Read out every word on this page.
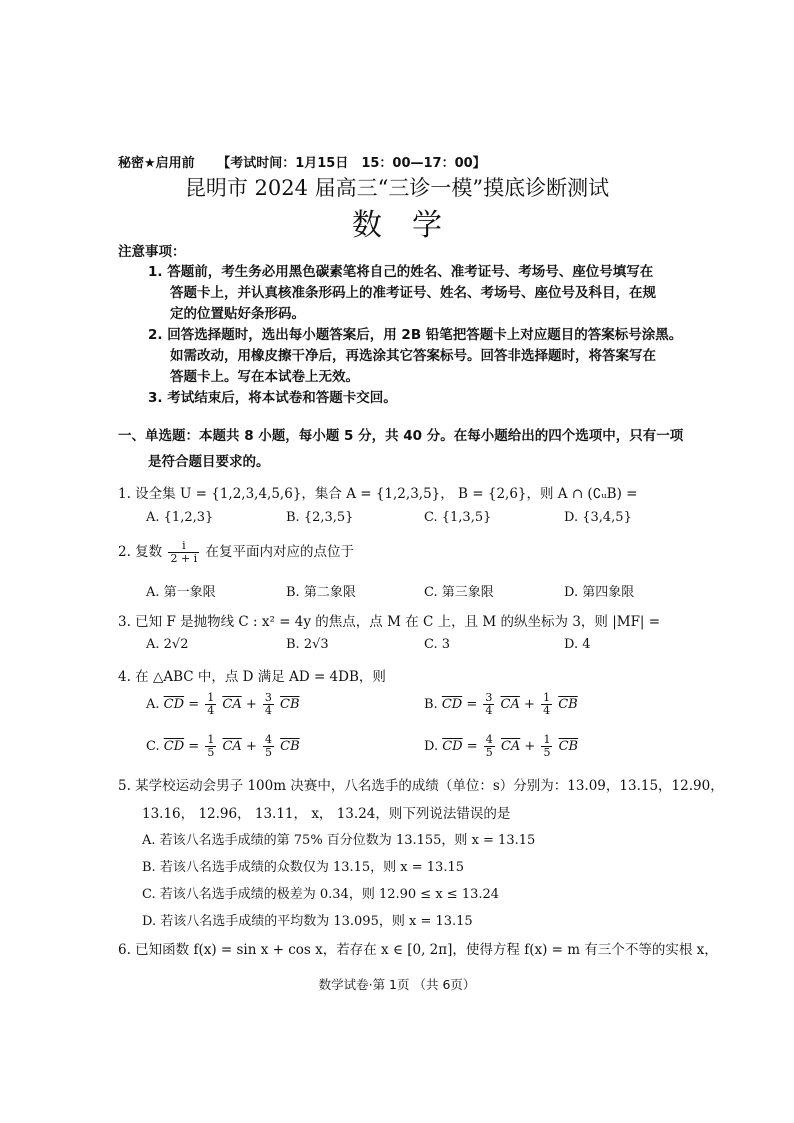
秘密★启用前 【考试时间：1月15日　15：00—17：00】
昆明市 2024 届高三“三诊一模”摸底诊断测试
数学
注意事项：
1. 答题前，考生务必用黑色碳素笔将自己的姓名、准考证号、考场号、座位号填写在
答题卡上，并认真核准条形码上的准考证号、姓名、考场号、座位号及科目，在规
定的位置贴好条形码。
2. 回答选择题时，选出每小题答案后，用 2B 铅笔把答题卡上对应题目的答案标号涂黑。
如需改动，用橡皮擦干净后，再选涂其它答案标号。回答非选择题时，将答案写在
答题卡上。写在本试卷上无效。
3. 考试结束后，将本试卷和答题卡交回。
一、单选题：本题共 8 小题，每小题 5 分，共 40 分。在每小题给出的四个选项中，只有一项
是符合题目要求的。
1. 设全集 U = {1,2,3,4,5,6}，集合 A = {1,2,3,5}， B = {2,6}，则 A ∩ (∁ᵤB) =
A. {1,2,3}	B. {2,3,5}	C. {1,3,5}	D. {3,4,5}
2. 复数 $\frac{i}{2 + i}$ 在复平面内对应的点位于
A. 第一象限	B. 第二象限	C. 第三象限	D. 第四象限
3. 已知 F 是抛物线 C : x² = 4y 的焦点，点 M 在 C 上，且 M 的纵坐标为 3，则 |MF| =
A. 2√2	B. 2√3	C. 3	D. 4
4. 在 △ABC 中，点 D 满足 AD = 4DB，则
A. $\overline{CD} = \frac{1}{4} \overline{CA} + \frac{3}{4} \overline{CB}$	B. $\overline{CD} = \frac{3}{4} \overline{CA} + \frac{1}{4} \overline{CB}$
C. $\overline{CD} = \frac{1}{5} \overline{CA} + \frac{4}{5} \overline{CB}$	D. $\overline{CD} = \frac{4}{5} \overline{CA} + \frac{1}{5} \overline{CB}$
5. 某学校运动会男子 100m 决赛中，八名选手的成绩（单位：s）分别为：13.09，13.15，12.90，
13.16， 12.96， 13.11， x， 13.24，则下列说法错误的是
A. 若该八名选手成绩的第 75% 百分位数为 13.155，则 x = 13.15
B. 若该八名选手成绩的众数仅为 13.15，则 x = 13.15
C. 若该八名选手成绩的极差为 0.34，则 12.90 ≤ x ≤ 13.24
D. 若该八名选手成绩的平均数为 13.095，则 x = 13.15
6. 已知函数 f(x) = sin x + cos x，若存在 x ∈ [0, 2π]，使得方程 f(x) = m 有三个不等的实根 x，
数学试卷·第 1页 （共 6页）
